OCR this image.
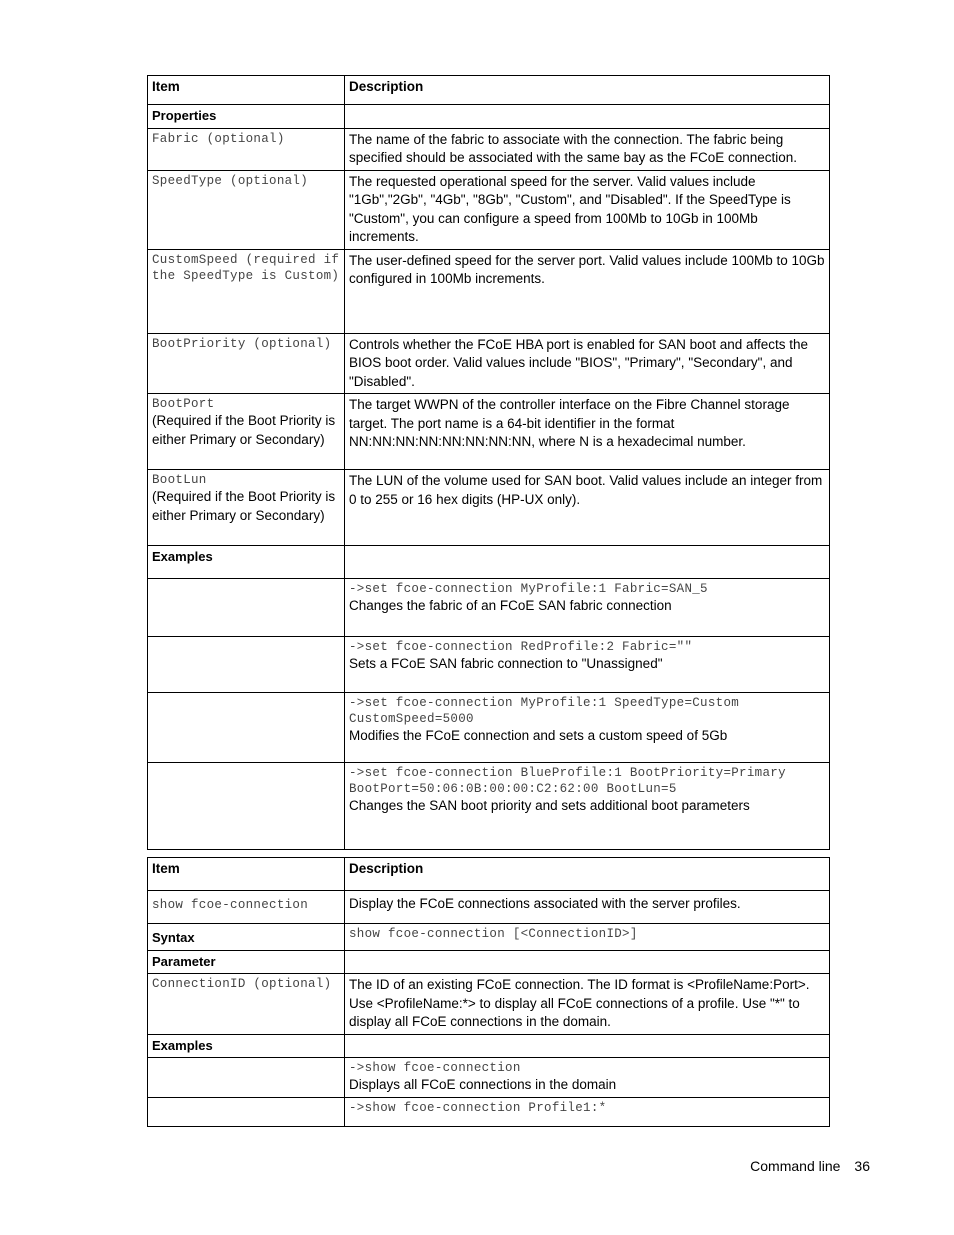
Item	Description
Properties	

Fabric (optional)	The name of the fabric to associate with the connection. The fabric being specified should be associated with the same bay as the FCoE connection.

SpeedType (optional)	The requested operational speed for the server. Valid values include "1Gb","2Gb", "4Gb", "8Gb", "Custom", and "Disabled". If the SpeedType is "Custom", you can configure a speed from 100Mb to 10Gb in 100Mb increments.

CustomSpeed (required if the SpeedType is Custom)	The user-defined speed for the server port. Valid values include 100Mb to 10Gb configured in 100Mb increments.

BootPriority (optional)	Controls whether the FCoE HBA port is enabled for SAN boot and affects the BIOS boot order. Valid values include "BIOS", "Primary", "Secondary", and "Disabled".

BootPort
(Required if the Boot Priority is either Primary or Secondary)	The target WWPN of the controller interface on the Fibre Channel storage target. The port name is a 64-bit identifier in the format NN:NN:NN:NN:NN:NN:NN:NN, where N is a hexadecimal number.

BootLun
(Required if the Boot Priority is either Primary or Secondary)	The LUN of the volume used for SAN boot. Valid values include an integer from 0 to 255 or 16 hex digits (HP-UX only).
Examples	

	->set fcoe-connection MyProfile:1 Fabric=SAN_5
Changes the fabric of an FCoE SAN fabric connection

	->set fcoe-connection RedProfile:2 Fabric=""
Sets a FCoE SAN fabric connection to "Unassigned"

	->set fcoe-connection MyProfile:1 SpeedType=Custom CustomSpeed=5000
Modifies the FCoE connection and sets a custom speed of 5Gb

	->set fcoe-connection BlueProfile:1 BootPriority=Primary BootPort=50:06:0B:00:00:C2:62:00 BootLun=5
Changes the SAN boot priority and sets additional boot parameters
Item	Description

show fcoe-connection	Display the FCoE connections associated with the server profiles.
Syntax	show fcoe-connection [<ConnectionID>]

Parameter	

ConnectionID (optional)	The ID of an existing FCoE connection. The ID format is <ProfileName:Port>. Use <ProfileName:*> to display all FCoE connections of a profile. Use "*" to display all FCoE connections in the domain.
Examples	

	->show fcoe-connection
Displays all FCoE connections in the domain

	->show fcoe-connection Profile1:*
Command line 36
